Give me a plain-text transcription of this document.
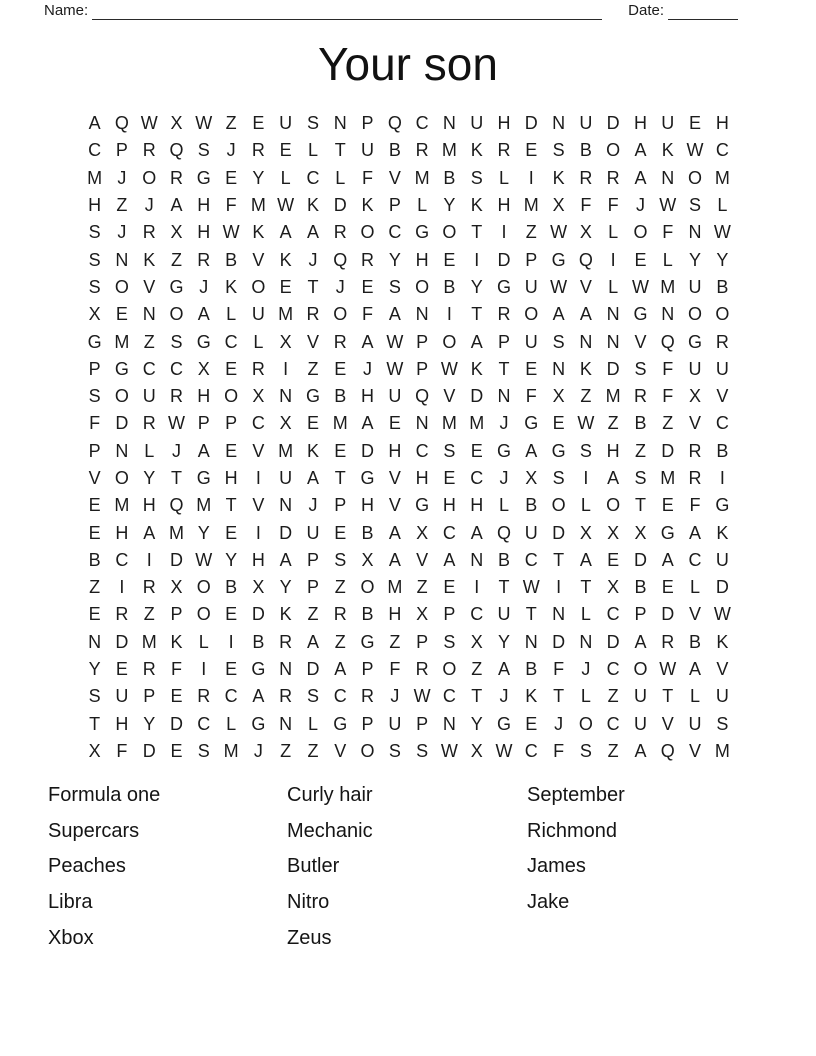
Name:	Date:
Your son
A Q W X W Z E U S N P Q C N U H D N U D H U E H
C P R Q S J R E L T U B R M K R E S B O A K W C
M J O R G E Y L C L F V M B S L	I	K R R A N O M
H Z J A H F M W K D K P L Y K H M X F F J W S L
S J R X H W K A A R O C G O T	I	Z W X L O F N W
S N K Z R B V K J Q R Y H E	I	D P G Q I	E L Y Y
S O V G J K O E T J E S O B Y G U W V L W M U B
X E N O A L U M R O F A N	I	T R O A A N G N O O
G M Z S G C L X V R A W P O A P U S N N V Q G R
P G C C X E R	I	Z E J W P W K T E N K D S F U U
S O U R H O X N G B H U Q V D N F X Z M R F X V
F D R W P P C X E M A E N M M J G E W Z B Z V C
P N L J A E V M K E D H C S E G A G S H Z D R B
V O Y T G H	I	U A T G V H E C J X S	I	A S M R	I
E M H Q M T V N J P H V G H H L B O L O T E F G
E H A M Y E	I	D U E B A X C A Q U D X X X G A K
B C	I	D W Y H A P S X A V A N B C T A E D A C U
Z	I	R X O B X Y P Z O M Z E	I	T W I	T X B E L D
E R Z P O E D K Z R B H X P C U T N L C P D V W
N D M K L	I	B R A Z G Z P S X Y N D N D A R B K
Y E R F	I	E G N D A P F R O Z A B F J C O W A V
S U P E R C A R S C R J W C T J K T L Z U T L U
T H Y D C L G N L G P U P N Y G E J O C U V U S
X F D E S M J Z Z V O S S W X W C F S Z A Q V M
Formula one
Supercars
Peaches
Libra
Xbox
Curly hair
Mechanic
Butler
Nitro
Zeus
September
Richmond
James
Jake
